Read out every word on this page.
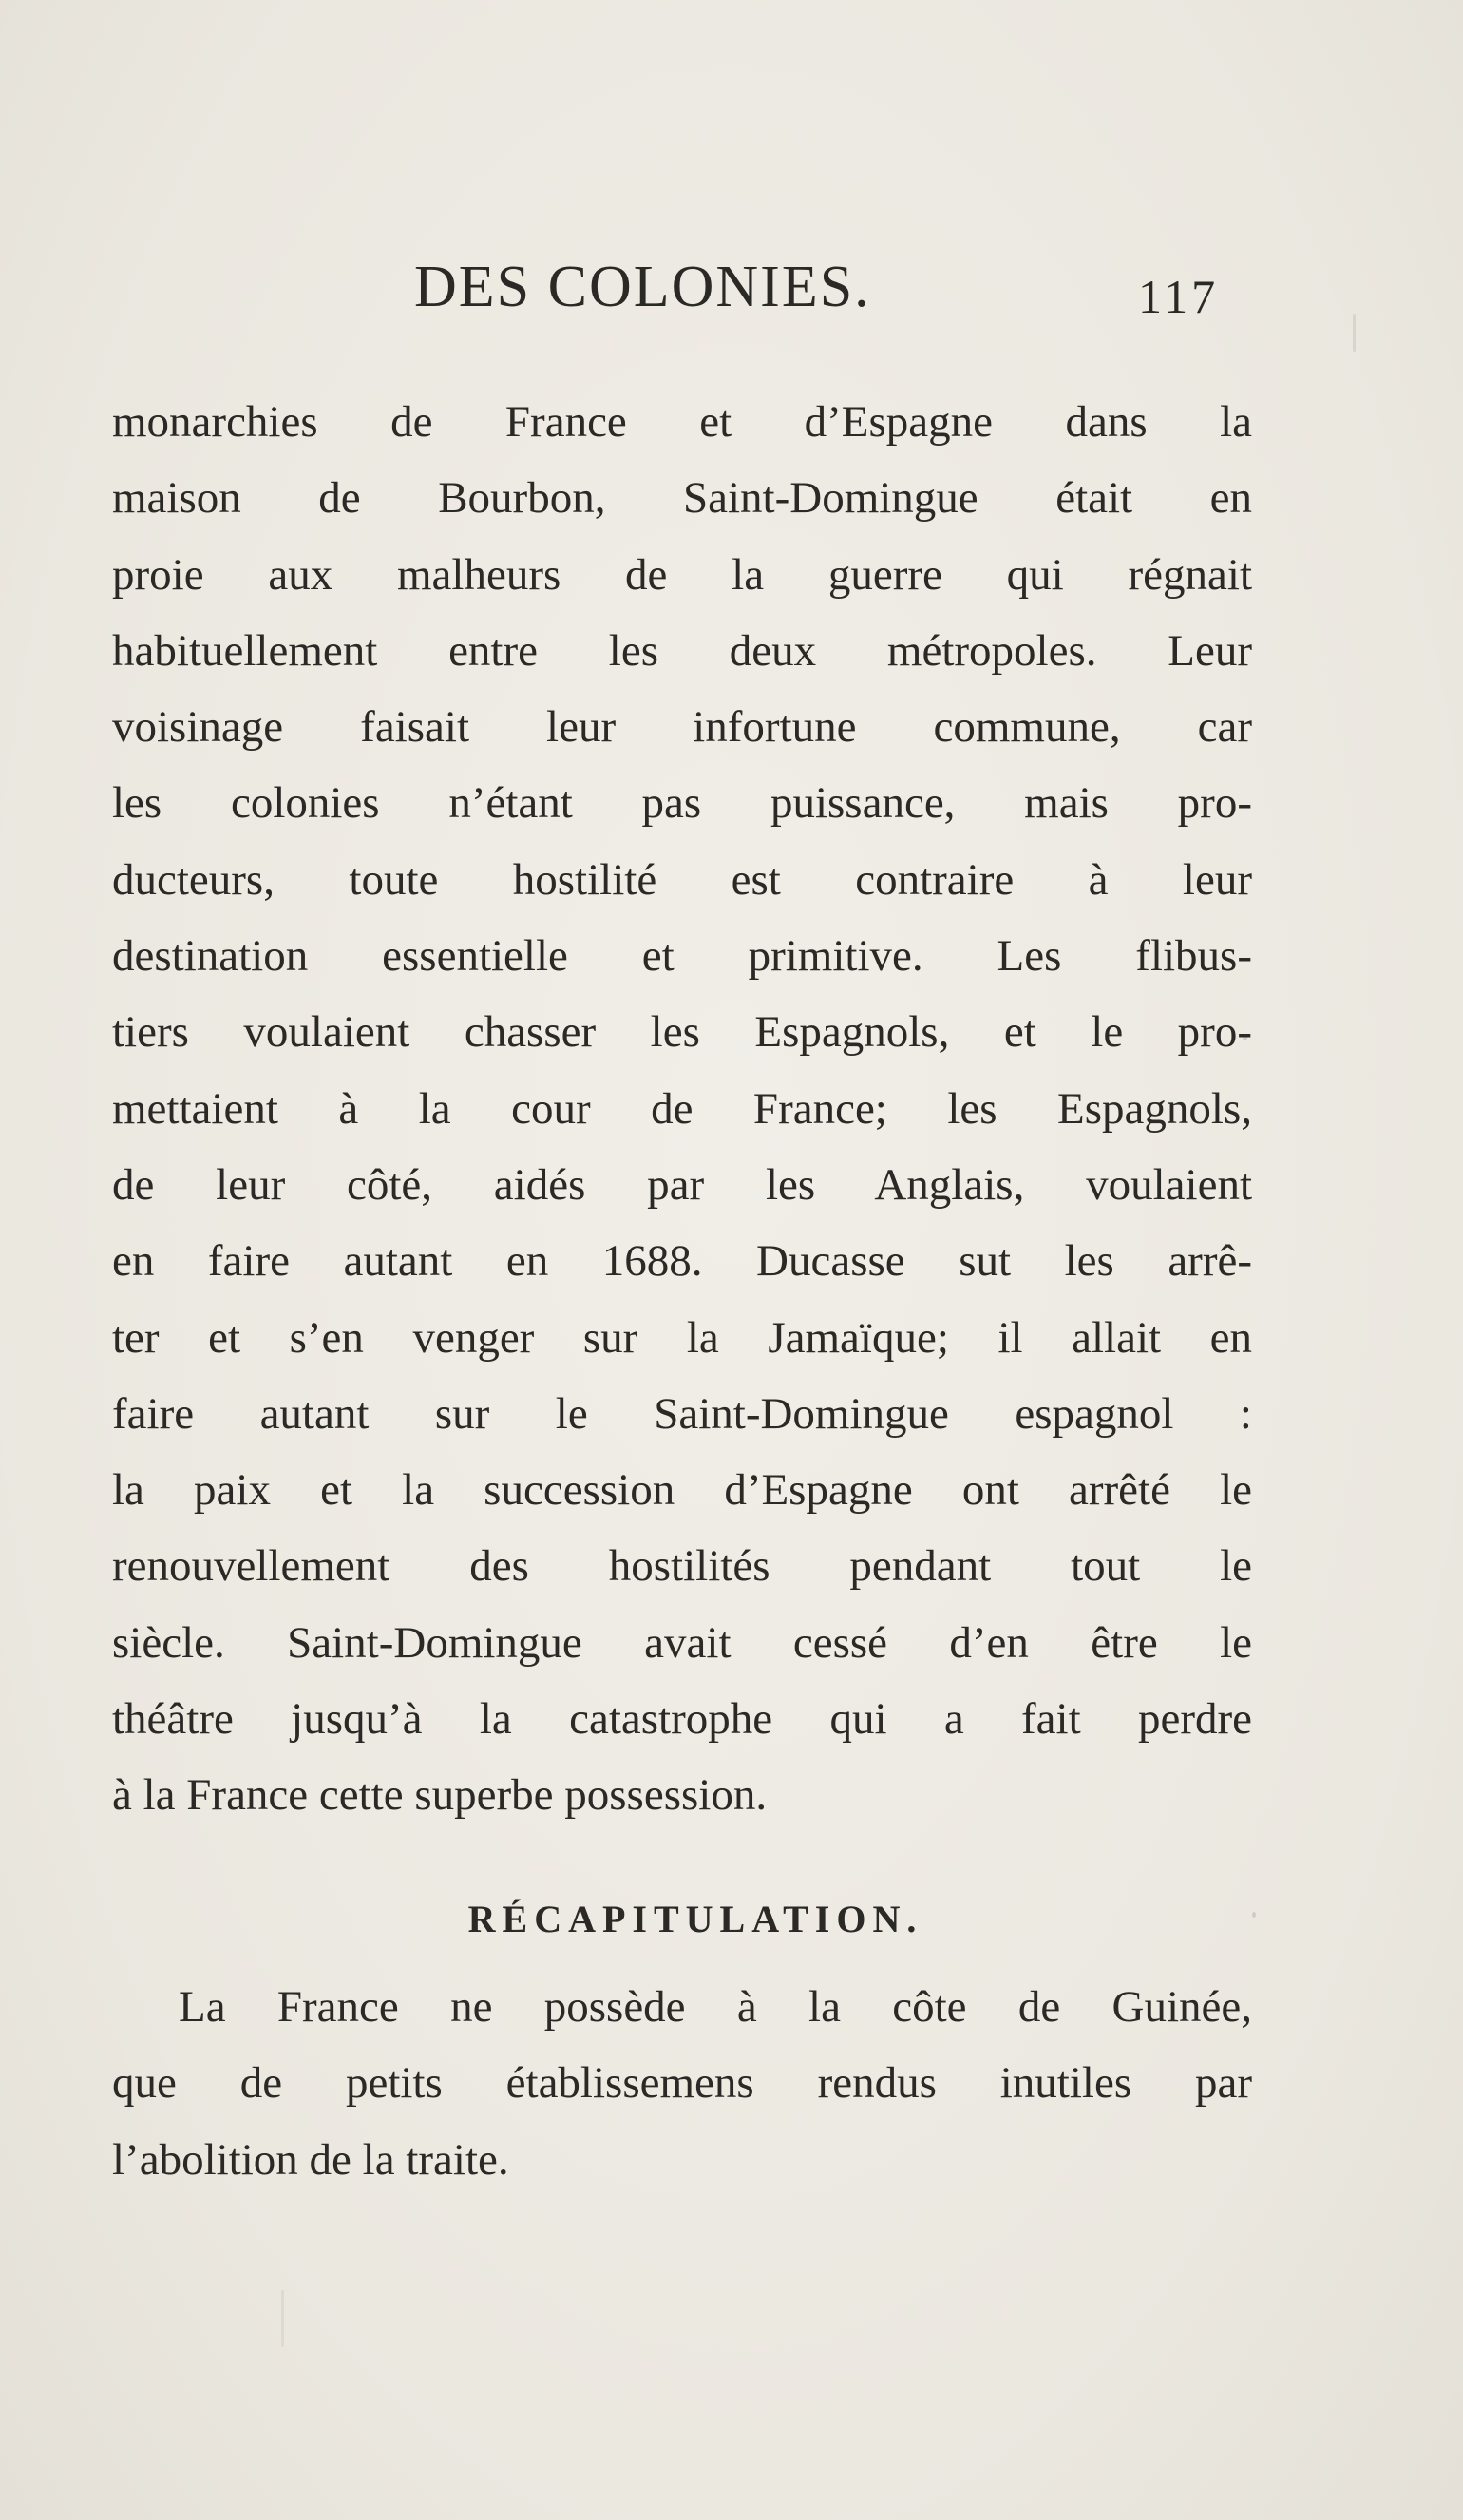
DES COLONIES.	117
monarchies de France et d’Espagne dans la
maison de Bourbon, Saint-Domingue était en
proie aux malheurs de la guerre qui régnait
habituellement entre les deux métropoles. Leur
voisinage faisait leur infortune commune, car
les colonies n’étant pas puissance, mais pro-
ducteurs, toute hostilité est contraire à leur
destination essentielle et primitive. Les flibus-
tiers voulaient chasser les Espagnols, et le pro-
mettaient à la cour de France; les Espagnols,
de leur côté, aidés par les Anglais, voulaient
en faire autant en 1688. Ducasse sut les arrê-
ter et s’en venger sur la Jamaïque; il allait en
faire autant sur le Saint-Domingue espagnol :
la paix et la succession d’Espagne ont arrêté le
renouvellement des hostilités pendant tout le
siècle. Saint-Domingue avait cessé d’en être le
théâtre jusqu’à la catastrophe qui a fait perdre
à la France cette superbe possession.
RÉCAPITULATION.
La France ne possède à la côte de Guinée,
que de petits établissemens rendus inutiles par
l’abolition de la traite.
